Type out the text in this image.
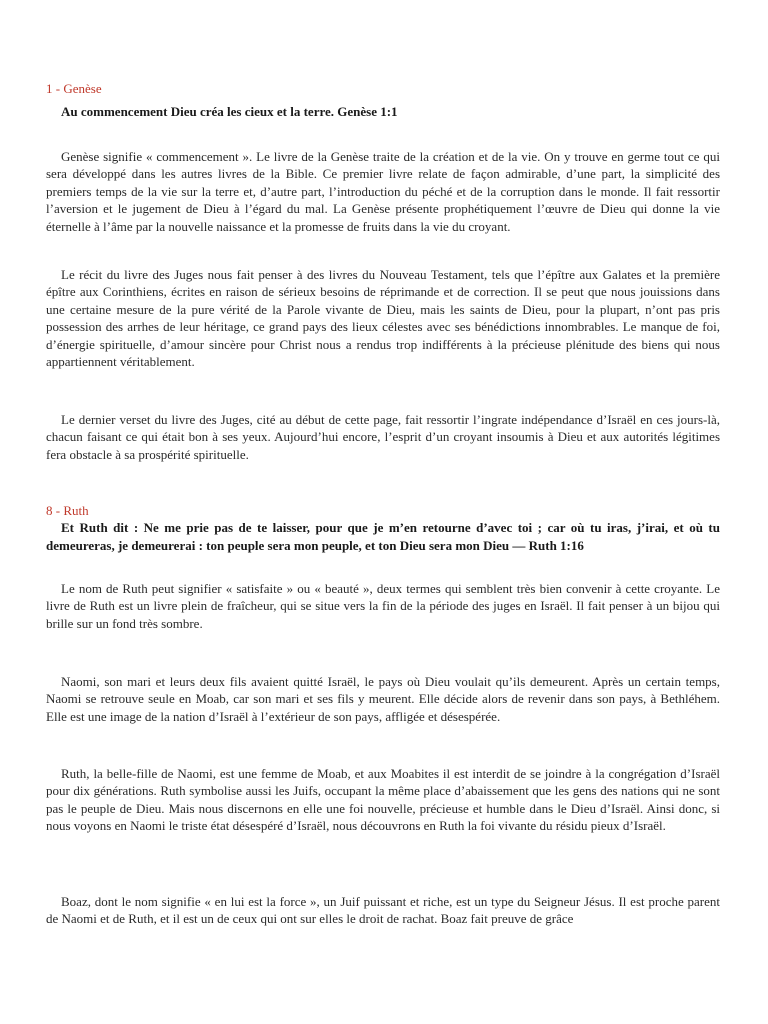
1 - Genèse
Au commencement Dieu créa les cieux et la terre. Genèse 1:1
Genèse signifie « commencement ». Le livre de la Genèse traite de la création et de la vie. On y trouve en germe tout ce qui sera développé dans les autres livres de la Bible. Ce premier livre relate de façon admirable, d’une part, la simplicité des premiers temps de la vie sur la terre et, d’autre part, l’introduction du péché et de la corruption dans le monde. Il fait ressortir l’aversion et le jugement de Dieu à l’égard du mal. La Genèse présente prophétiquement l’œuvre de Dieu qui donne la vie éternelle à l’âme par la nouvelle naissance et la promesse de fruits dans la vie du croyant.
Le récit du livre des Juges nous fait penser à des livres du Nouveau Testament, tels que l’épître aux Galates et la première épître aux Corinthiens, écrites en raison de sérieux besoins de réprimande et de correction. Il se peut que nous jouissions dans une certaine mesure de la pure vérité de la Parole vivante de Dieu, mais les saints de Dieu, pour la plupart, n’ont pas pris possession des arrhes de leur héritage, ce grand pays des lieux célestes avec ses bénédictions innombrables. Le manque de foi, d’énergie spirituelle, d’amour sincère pour Christ nous a rendus trop indifférents à la précieuse plénitude des biens qui nous appartiennent véritablement.
Le dernier verset du livre des Juges, cité au début de cette page, fait ressortir l’ingrate indépendance d’Israël en ces jours-là, chacun faisant ce qui était bon à ses yeux. Aujourd’hui encore, l’esprit d’un croyant insoumis à Dieu et aux autorités légitimes fera obstacle à sa prospérité spirituelle.
8 - Ruth
Et Ruth dit : Ne me prie pas de te laisser, pour que je m’en retourne d’avec toi ; car où tu iras, j’irai, et où tu demeureras, je demeurerai : ton peuple sera mon peuple, et ton Dieu sera mon Dieu — Ruth 1:16
Le nom de Ruth peut signifier « satisfaite » ou « beauté », deux termes qui semblent très bien convenir à cette croyante. Le livre de Ruth est un livre plein de fraîcheur, qui se situe vers la fin de la période des juges en Israël. Il fait penser à un bijou qui brille sur un fond très sombre.
Naomi, son mari et leurs deux fils avaient quitté Israël, le pays où Dieu voulait qu’ils demeurent. Après un certain temps, Naomi se retrouve seule en Moab, car son mari et ses fils y meurent. Elle décide alors de revenir dans son pays, à Bethléhem. Elle est une image de la nation d’Israël à l’extérieur de son pays, affligée et désespérée.
Ruth, la belle-fille de Naomi, est une femme de Moab, et aux Moabites il est interdit de se joindre à la congrégation d’Israël pour dix générations. Ruth symbolise aussi les Juifs, occupant la même place d’abaissement que les gens des nations qui ne sont pas le peuple de Dieu. Mais nous discernons en elle une foi nouvelle, précieuse et humble dans le Dieu d’Israël. Ainsi donc, si nous voyons en Naomi le triste état désespéré d’Israël, nous découvrons en Ruth la foi vivante du résidu pieux d’Israël.
Boaz, dont le nom signifie « en lui est la force », un Juif puissant et riche, est un type du Seigneur Jésus. Il est proche parent de Naomi et de Ruth, et il est un de ceux qui ont sur elles le droit de rachat. Boaz fait preuve de grâce
